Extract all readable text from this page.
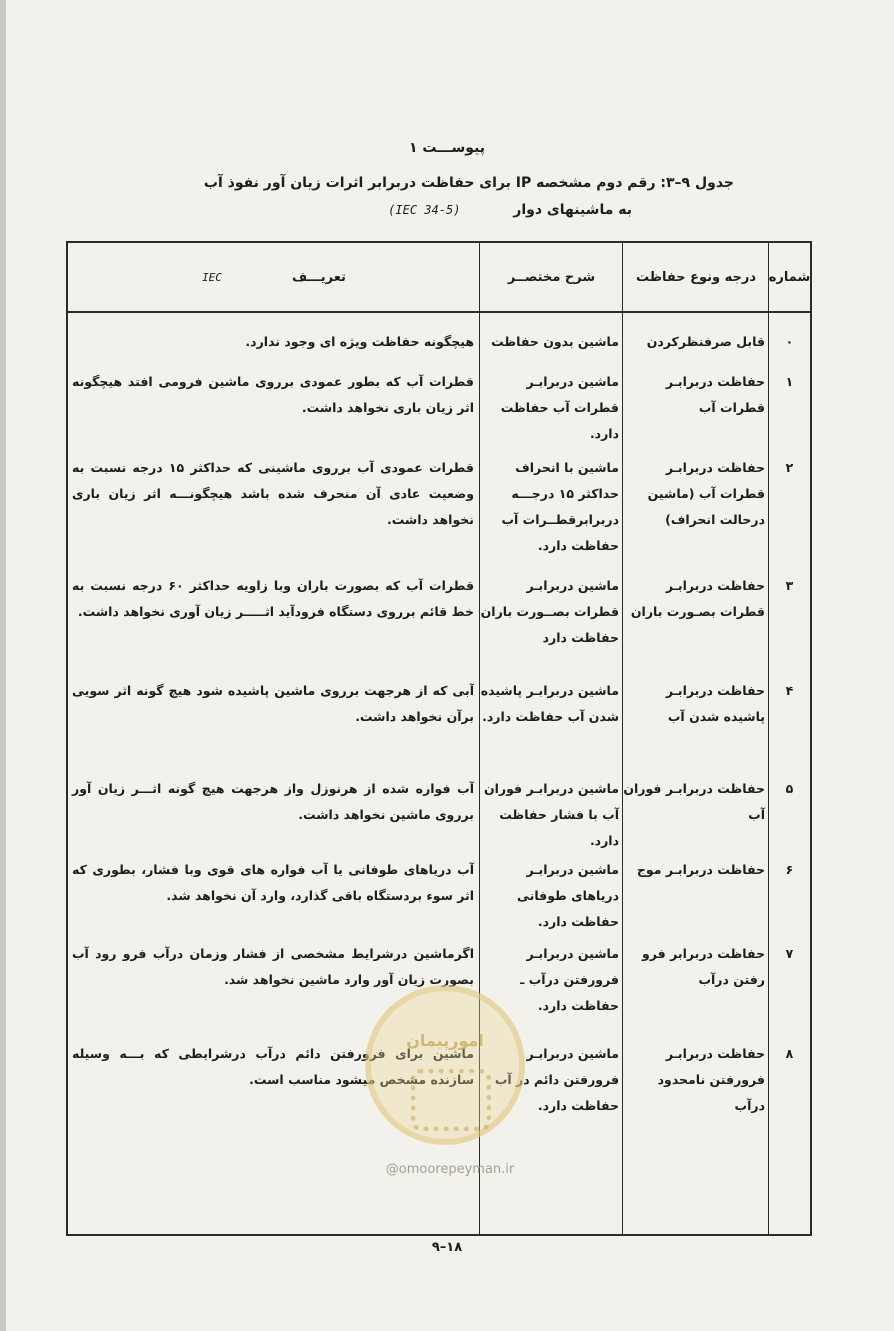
پیوســـت ۱
جدول ۹–۳: رقم دوم مشخصه IP برای حفاظت دربرابر اثرات زیان آور نفوذ آب
به ماشینهای دوار (IEC 34-5)
شماره
درجه ونوع حفاظت
شرح مختصــر
تعریـــف
IEC
۰
قابل صرفنظرکردن
ماشین بدون حفاظت
هیچگونه حفاظت ویژه ای وجود ندارد.
۱
حفاظت دربرابـر قطرات آب
ماشین دربرابـر قطرات آب حفاظت دارد.
قطرات آب که بطور عمودی برروی ماشین فرومی افتد هیچگونه اثر زیان باری نخواهد داشت.
۲
حفاظت دربرابـر قطرات آب (ماشین درحالت انحراف)
ماشین با انحراف حداکثر ۱۵ درجـــه دربرابرقطــرات آب حفاظت دارد.
قطرات عمودی آب برروی ماشینی که حداکثر ۱۵ درجه نسبت به وضعیت عادی آن منحرف شده باشد هیچگونـــه اثر زیان باری نخواهد داشت.
۳
حفاظت دربرابـر قطرات بصـورت باران
ماشین دربرابـر قطرات بصــورت باران حفاظت دارد
قطرات آب که بصورت باران وبا زاویه حداکثر ۶۰ درجه نسبت به خط قائم برروی دستگاه فرودآید اثـــــر زیان آوری نخواهد داشت.
۴
حفاظت دربرابـر پاشیده شدن آب
ماشین دربرابـر پاشیده شدن آب حفاظت دارد.
آبی که از هرجهت برروی ماشین پاشیده شود هیچ گونه اثر سویی برآن نخواهد داشت.
۵
حفاظت دربرابـر فوران آب
ماشین دربرابـر فوران آب با فشار حفاظت دارد.
آب فواره شده از هرنوزل واز هرجهت هیچ گونه اثـــر زیان آور برروی ماشین نخواهد داشت.
۶
حفاظت دربرابـر موج
ماشین دربرابـر دریاهای طوفانی حفاظت دارد.
آب دریاهای طوفانی یا آب فواره های قوی وبا فشار، بطوری که اثر سوء بردستگاه باقی گذارد، وارد آن نخواهد شد.
۷
حفاظت دربرابر فرو رفتن درآب
ماشین دربرابـر فرورفتن درآب ـ حفاظت دارد.
اگرماشین درشرایط مشخصی از فشار وزمان درآب فرو رود آب بصورت زیان آور وارد ماشین نخواهد شد.
۸
حفاظت دربرابـر فرورفتن نامحدود درآب
ماشین دربرابـر فرورفتن دائم در آب حفاظت دارد.
ماشین برای فرورفتن دائم درآب درشرایطی که بـــه وسیله سازنده مشخص میشود مناسب است.
امورپیمان
@omoorepeyman.ir
۹–۱۸
